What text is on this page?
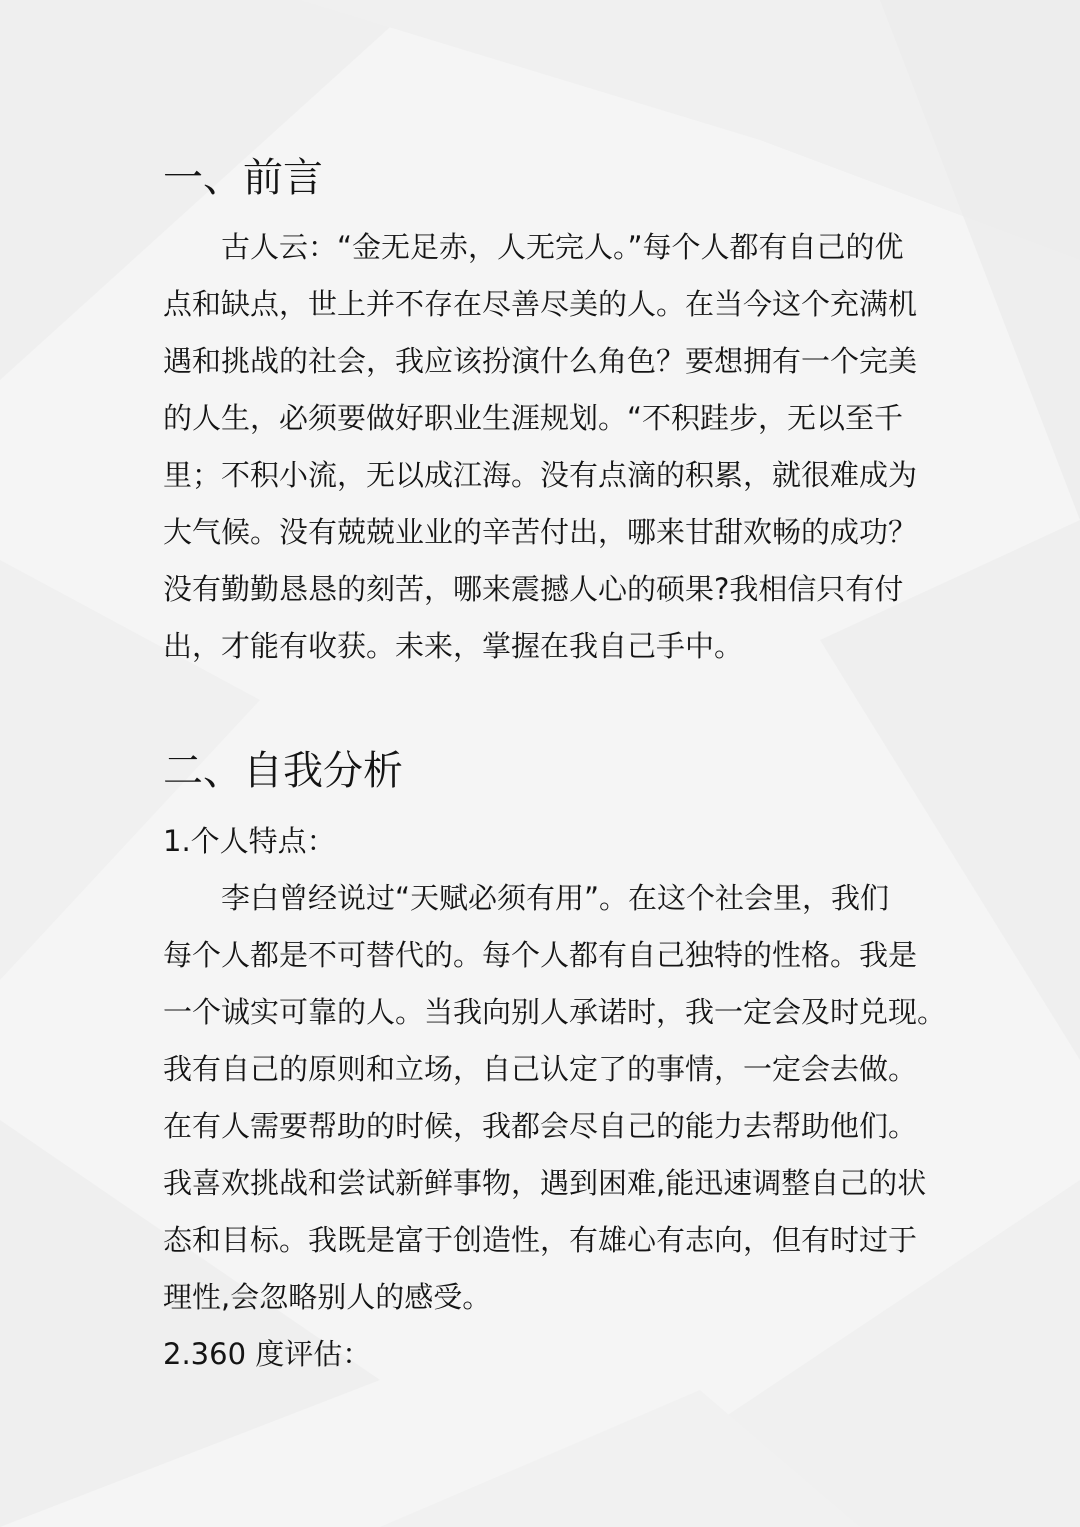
一、前言
古人云：“金无足赤，人无完人。”每个人都有自己的优
点和缺点，世上并不存在尽善尽美的人。在当今这个充满机
遇和挑战的社会，我应该扮演什么角色？要想拥有一个完美
的人生，必须要做好职业生涯规划。“不积跬步，无以至千
里；不积小流，无以成江海。没有点滴的积累，就很难成为
大气候。没有兢兢业业的辛苦付出，哪来甘甜欢畅的成功？
没有勤勤恳恳的刻苦，哪来震撼人心的硕果?我相信只有付
出，才能有收获。未来，掌握在我自己手中。
二、自我分析
1.个人特点：
李白曾经说过“天赋必须有用”。在这个社会里，我们
每个人都是不可替代的。每个人都有自己独特的性格。我是
一个诚实可靠的人。当我向别人承诺时，我一定会及时兑现。
我有自己的原则和立场，自己认定了的事情，一定会去做。
在有人需要帮助的时候，我都会尽自己的能力去帮助他们。
我喜欢挑战和尝试新鲜事物，遇到困难,能迅速调整自己的状
态和目标。我既是富于创造性，有雄心有志向，但有时过于
理性,会忽略别人的感受。
2.360 度评估：
